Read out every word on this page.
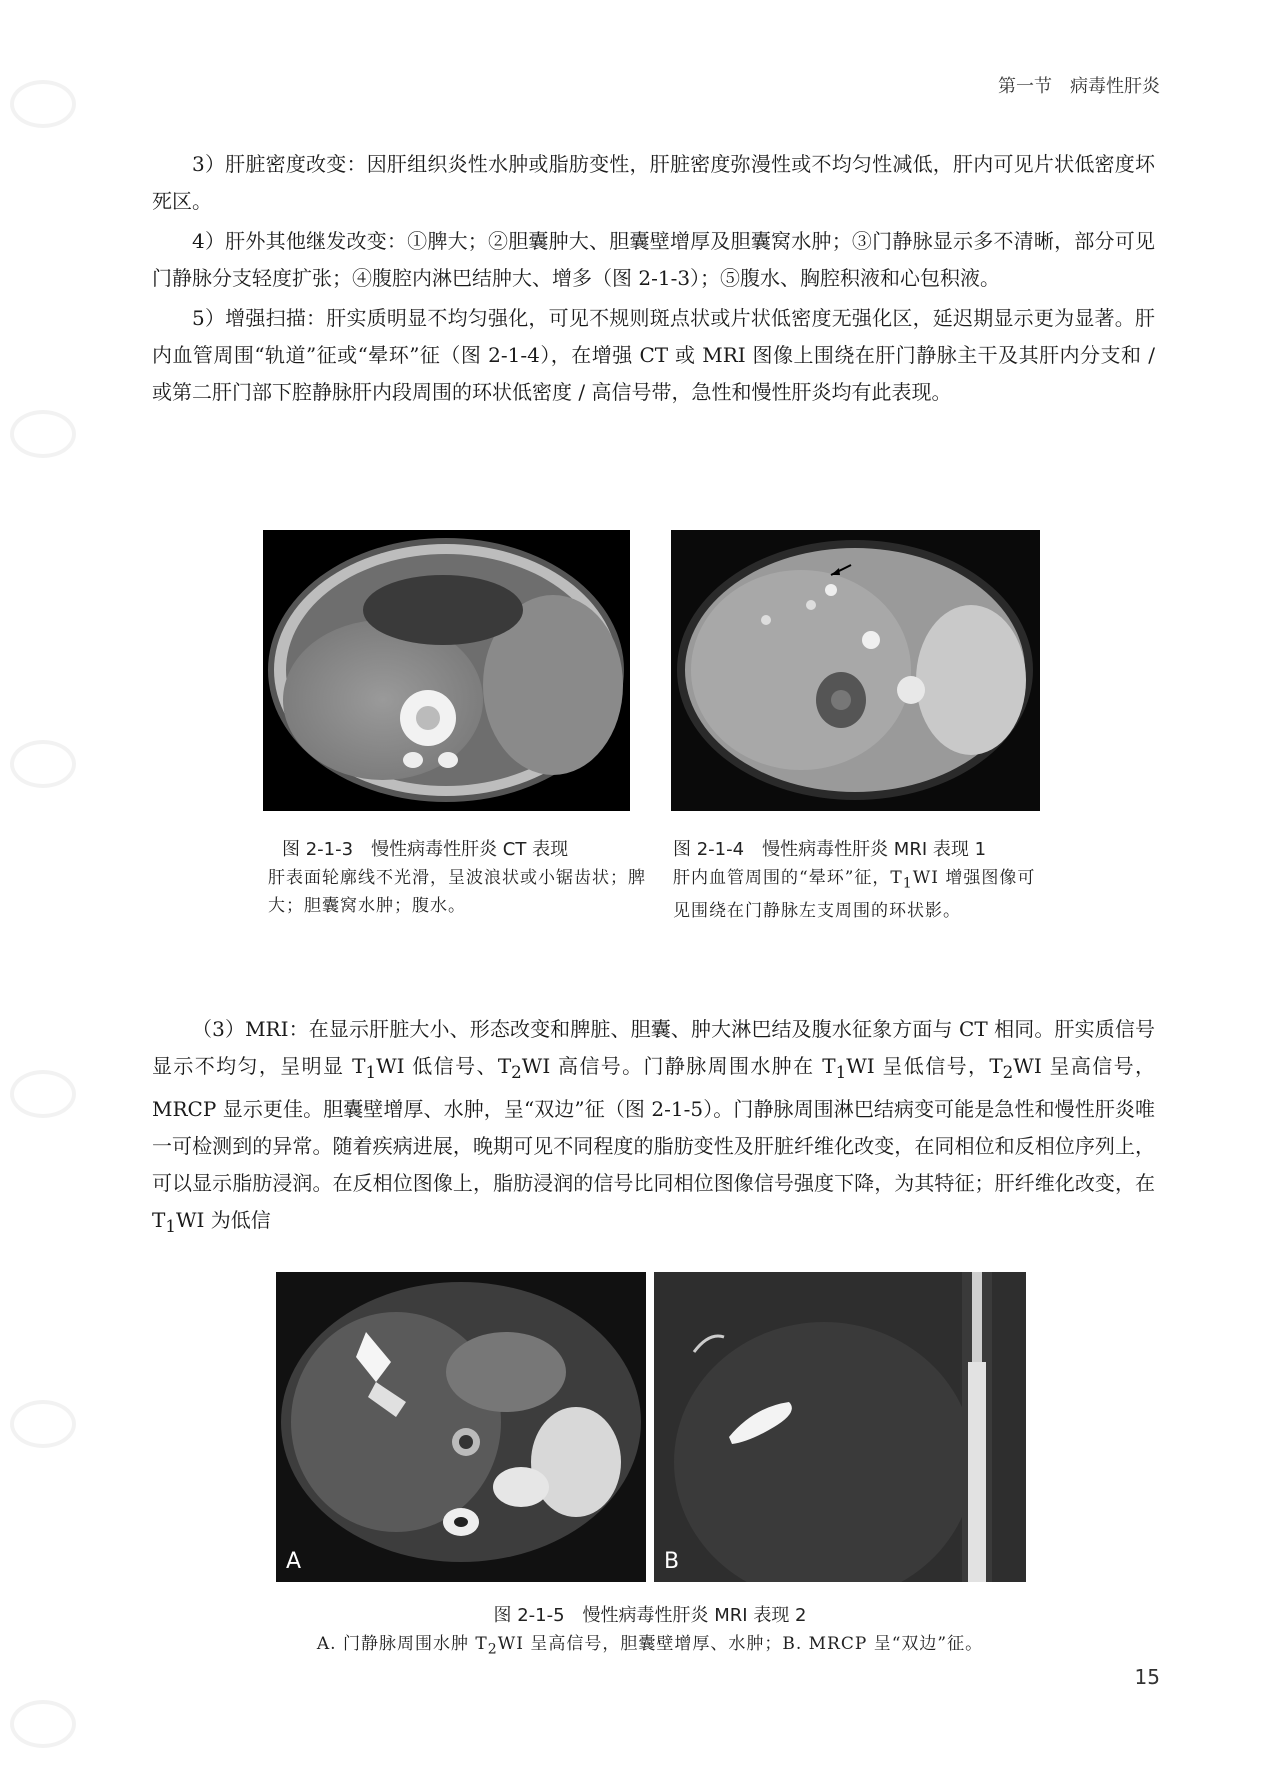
第一节 病毒性肝炎

3）肝脏密度改变：因肝组织炎性水肿或脂肪变性，肝脏密度弥漫性或不均匀性减低，肝内可见片状低密度坏死区。

4）肝外其他继发改变：①脾大；②胆囊肿大、胆囊壁增厚及胆囊窝水肿；③门静脉显示多不清晰，部分可见门静脉分支轻度扩张；④腹腔内淋巴结肿大、增多（图 2-1-3）；⑤腹水、胸腔积液和心包积液。

5）增强扫描：肝实质明显不均匀强化，可见不规则斑点状或片状低密度无强化区，延迟期显示更为显著。肝内血管周围“轨道”征或“晕环”征（图 2-1-4），在增强 CT 或 MRI 图像上围绕在肝门静脉主干及其肝内分支和 / 或第二肝门部下腔静脉肝内段周围的环状低密度 / 高信号带，急性和慢性肝炎均有此表现。

图 2-1-3　慢性病毒性肝炎 CT 表现
肝表面轮廓线不光滑，呈波浪状或小锯齿状；脾大；胆囊窝水肿；腹水。
图 2-1-4　慢性病毒性肝炎 MRI 表现 1
肝内血管周围的“晕环”征，$T_1WI$ 增强图像可见围绕在门静脉左支周围的环状影。

（3）MRI：在显示肝脏大小、形态改变和脾脏、胆囊、肿大淋巴结及腹水征象方面与 CT 相同。肝实质信号显示不均匀，呈明显 $T_1WI$ 低信号、$T_2WI$ 高信号。门静脉周围水肿在 $T_1WI$ 呈低信号，$T_2WI$ 呈高信号，MRCP 显示更佳。胆囊壁增厚、水肿，呈“双边”征（图 2-1-5）。门静脉周围淋巴结病变可能是急性和慢性肝炎唯一可检测到的异常。随着疾病进展，晚期可见不同程度的脂肪变性及肝脏纤维化改变，在同相位和反相位序列上，可以显示脂肪浸润。在反相位图像上，脂肪浸润的信号比同相位图像信号强度下降，为其特征；肝纤维化改变，在 $T_1WI$ 为低信

A	B
图 2-1-5　慢性病毒性肝炎 MRI 表现 2
A. 门静脉周围水肿 $T_2WI$ 呈高信号，胆囊壁增厚、水肿；B. MRCP 呈“双边”征。
15
